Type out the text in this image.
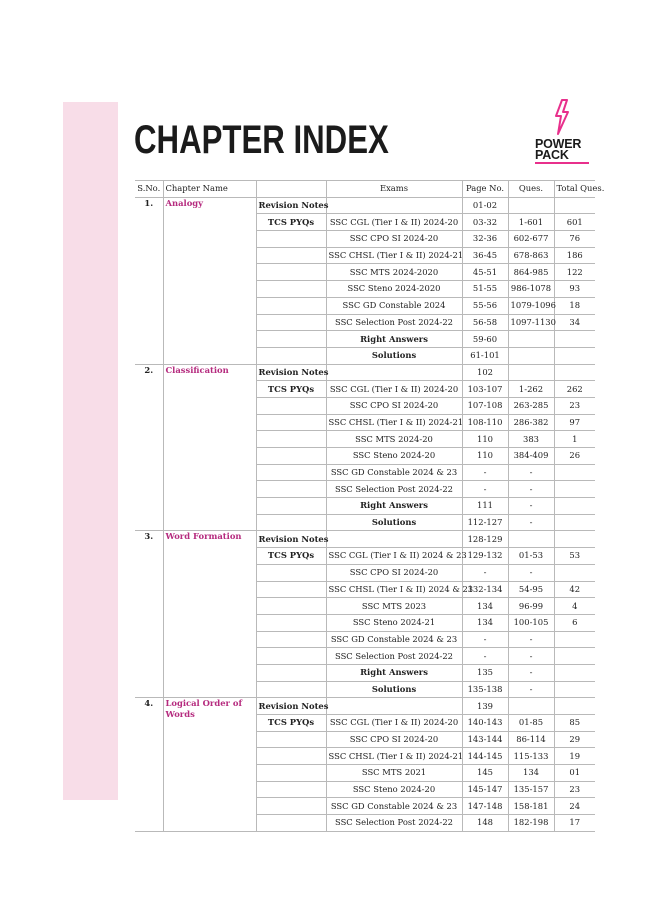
CHAPTER INDEX	POWER
PACK
S.No.	Chapter Name		Exams	Page No.	Ques.	Total Ques.
1.	Analogy	Revision Notes		01-02		
		TCS PYQs	SSC CGL (Tier I & II) 2024-20	03-32	1-601	601
			SSC CPO SI 2024-20	32-36	602-677	76
			SSC CHSL (Tier I & II) 2024-21	36-45	678-863	186
			SSC MTS 2024-2020	45-51	864-985	122
			SSC Steno 2024-2020	51-55	986-1078	93
			SSC GD Constable 2024	55-56	1079-1096	18
			SSC Selection Post 2024-22	56-58	1097-1130	34
			Right Answers	59-60		
			Solutions	61-101		
2.	Classification	Revision Notes		102		
		TCS PYQs	SSC CGL (Tier I & II) 2024-20	103-107	1-262	262
			SSC CPO SI 2024-20	107-108	263-285	23
			SSC CHSL (Tier I & II) 2024-21	108-110	286-382	97
			SSC MTS 2024-20	110	383	1
			SSC Steno 2024-20	110	384-409	26
			SSC GD Constable 2024 & 23	-	-	
			SSC Selection Post 2024-22	-	-	
			Right Answers	111	-	
			Solutions	112-127	-	
3.	Word Formation	Revision Notes		128-129		
		TCS PYQs	SSC CGL (Tier I & II) 2024 & 23	129-132	01-53	53
			SSC CPO SI 2024-20	-	-	
			SSC CHSL (Tier I & II) 2024 & 23	132-134	54-95	42
			SSC MTS 2023	134	96-99	4
			SSC Steno 2024-21	134	100-105	6
			SSC GD Constable 2024 & 23	-	-	
			SSC Selection Post 2024-22	-	-	
			Right Answers	135	-	
			Solutions	135-138	-	
4.	Logical Order of Words	Revision Notes		139		
		TCS PYQs	SSC CGL (Tier I & II) 2024-20	140-143	01-85	85
			SSC CPO SI 2024-20	143-144	86-114	29
			SSC CHSL (Tier I & II) 2024-21	144-145	115-133	19
			SSC MTS 2021	145	134	01
			SSC Steno 2024-20	145-147	135-157	23
			SSC GD Constable 2024 & 23	147-148	158-181	24
			SSC Selection Post 2024-22	148	182-198	17
